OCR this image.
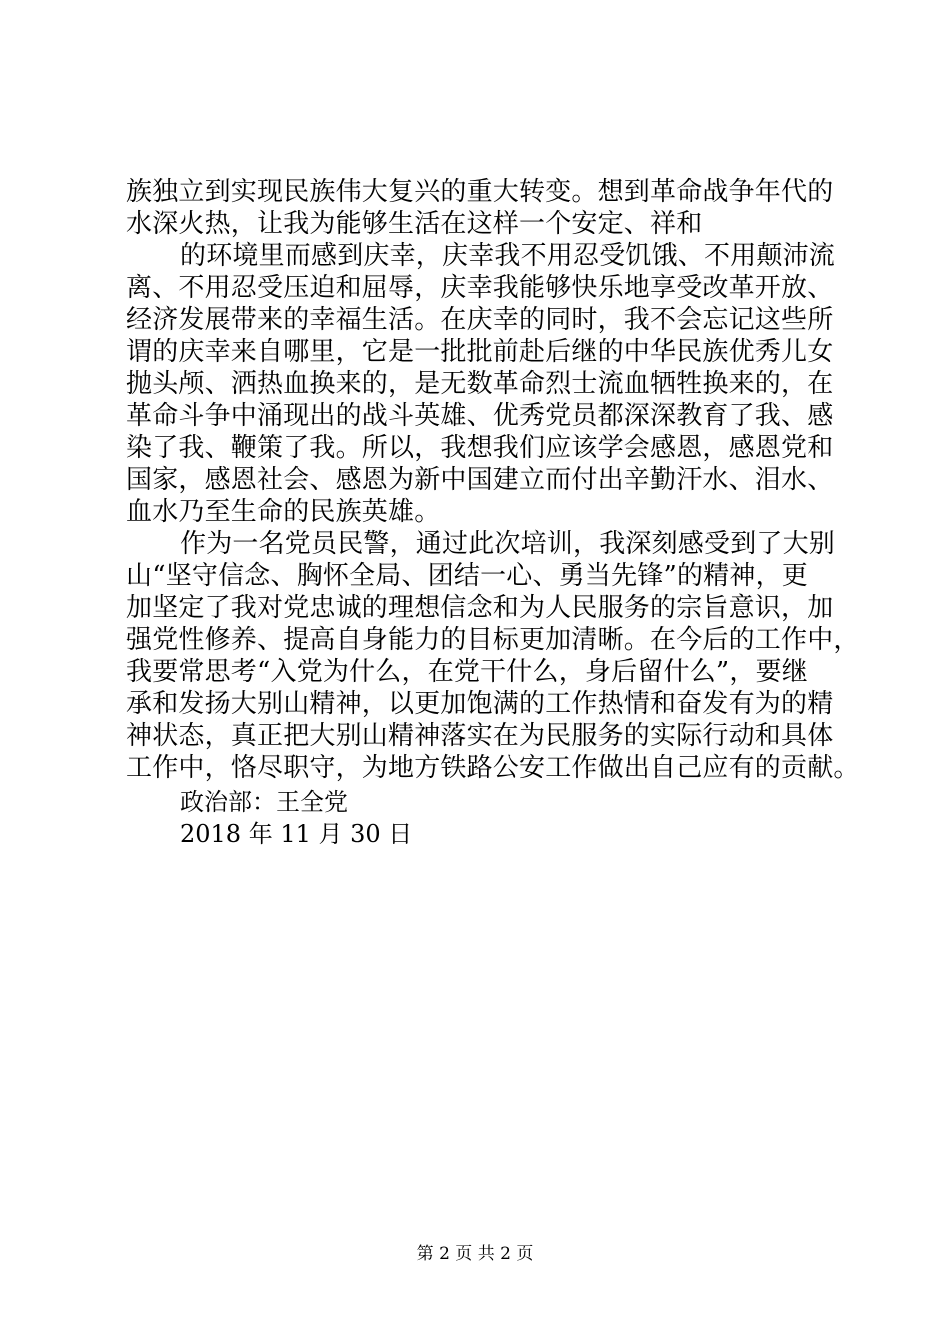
族独立到实现民族伟大复兴的重大转变。想到革命战争年代的
水深火热，让我为能够生活在这样一个安定、祥和
的环境里而感到庆幸，庆幸我不用忍受饥饿、不用颠沛流
离、不用忍受压迫和屈辱，庆幸我能够快乐地享受改革开放、
经济发展带来的幸福生活。在庆幸的同时，我不会忘记这些所
谓的庆幸来自哪里，它是一批批前赴后继的中华民族优秀儿女
抛头颅、洒热血换来的，是无数革命烈士流血牺牲换来的，在
革命斗争中涌现出的战斗英雄、优秀党员都深深教育了我、感
染了我、鞭策了我。所以，我想我们应该学会感恩，感恩党和
国家，感恩社会、感恩为新中国建立而付出辛勤汗水、泪水、
血水乃至生命的民族英雄。
作为一名党员民警，通过此次培训，我深刻感受到了大别
山“坚守信念、胸怀全局、团结一心、勇当先锋”的精神，更
加坚定了我对党忠诚的理想信念和为人民服务的宗旨意识，加
强党性修养、提高自身能力的目标更加清晰。在今后的工作中，
我要常思考“入党为什么，在党干什么，身后留什么”，要继
承和发扬大别山精神，以更加饱满的工作热情和奋发有为的精
神状态，真正把大别山精神落实在为民服务的实际行动和具体
工作中，恪尽职守，为地方铁路公安工作做出自己应有的贡献。
政治部：王全党
2018 年 11 月 30 日
第 2 页 共 2 页
